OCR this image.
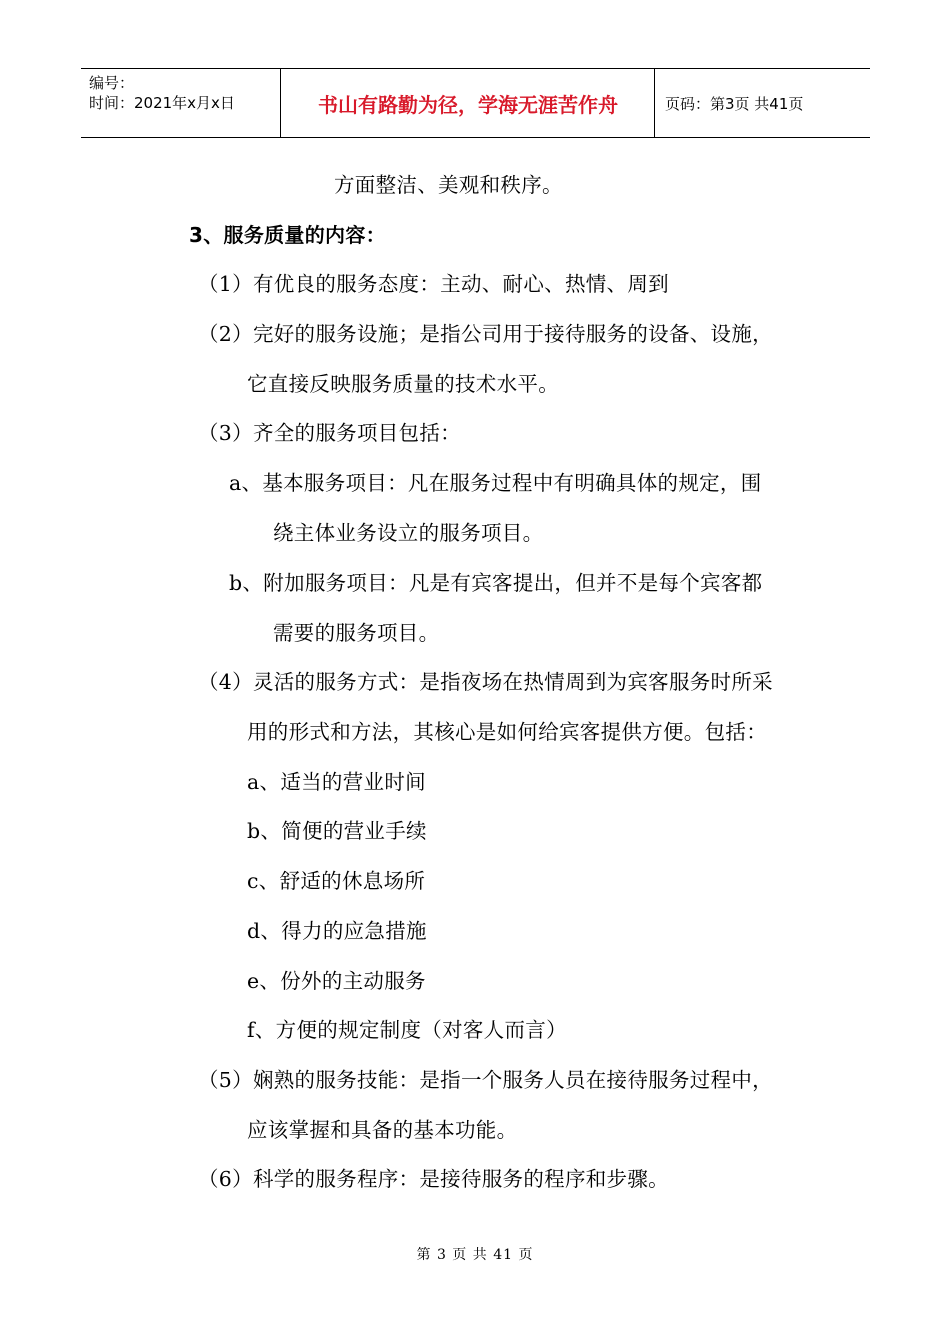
编号：
时间：2021年x月x日	书山有路勤为径，学海无涯苦作舟	页码：第3页 共41页
方面整洁、美观和秩序。
3、服务质量的内容：
（1）有优良的服务态度：主动、耐心、热情、周到
（2）完好的服务设施；是指公司用于接待服务的设备、设施，
它直接反映服务质量的技术水平。
（3）齐全的服务项目包括：
a、基本服务项目：凡在服务过程中有明确具体的规定，围
绕主体业务设立的服务项目。
b、附加服务项目：凡是有宾客提出，但并不是每个宾客都
需要的服务项目。
（4）灵活的服务方式：是指夜场在热情周到为宾客服务时所采
用的形式和方法，其核心是如何给宾客提供方便。包括：
a、适当的营业时间
b、简便的营业手续
c、舒适的休息场所
d、得力的应急措施
e、份外的主动服务
f、方便的规定制度（对客人而言）
（5）娴熟的服务技能：是指一个服务人员在接待服务过程中，
应该掌握和具备的基本功能。
（6）科学的服务程序：是接待服务的程序和步骤。
第 3 页 共 41 页
